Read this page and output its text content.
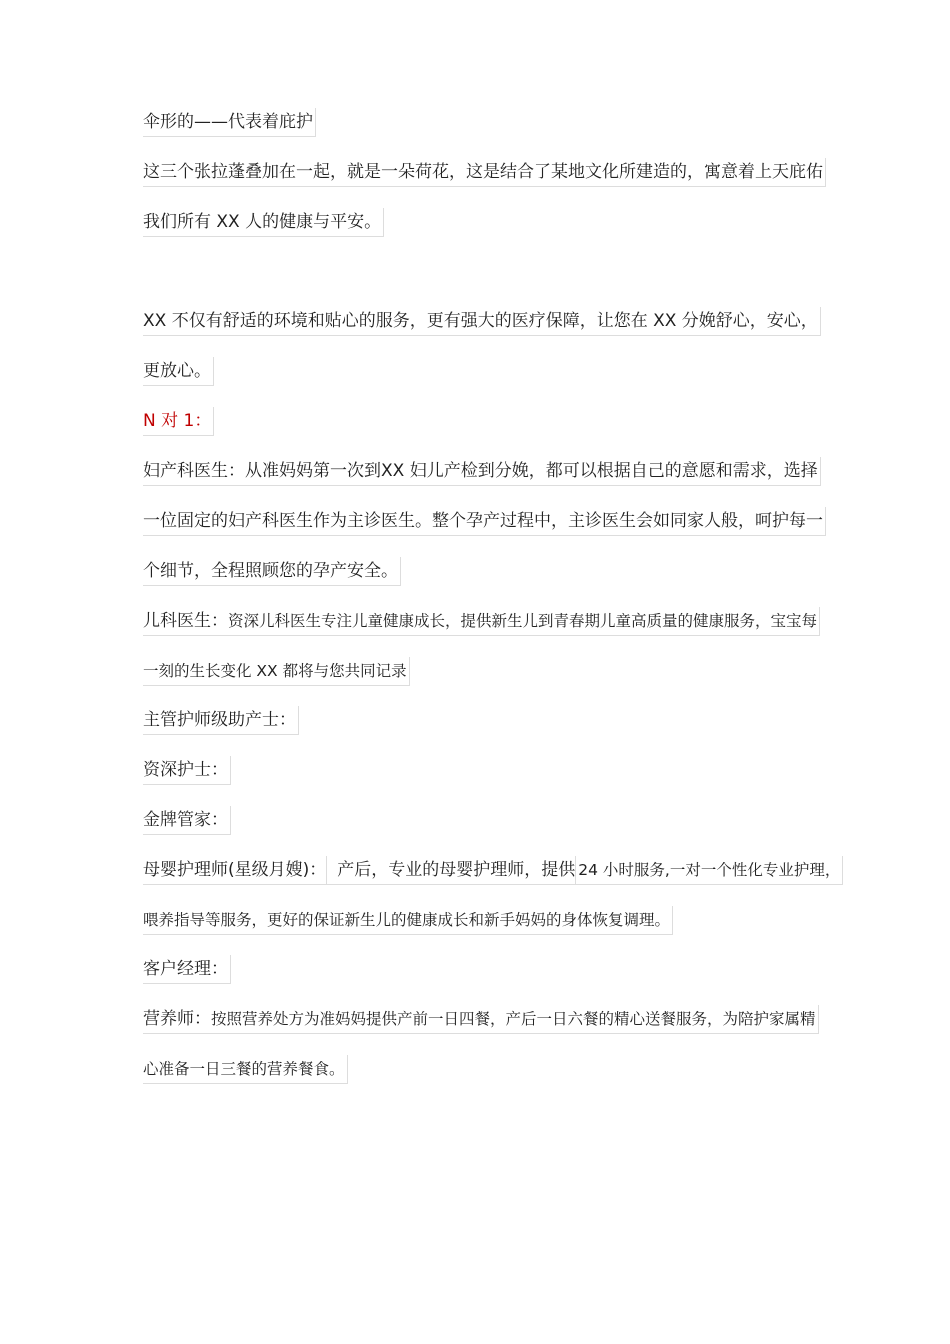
伞形的——代表着庇护
这三个张拉蓬叠加在一起，就是一朵荷花，这是结合了某地文化所建造的，寓意着上天庇佑
我们所有 XX 人的健康与平安。
XX 不仅有舒适的环境和贴心的服务，更有强大的医疗保障，让您在 XX 分娩舒心，安心，
更放心。
N 对 1：
妇产科医生：从准妈妈第一次到XX 妇儿产检到分娩，都可以根据自己的意愿和需求，选择
一位固定的妇产科医生作为主诊医生。整个孕产过程中，主诊医生会如同家人般，呵护每一
个细节，全程照顾您的孕产安全。
儿科医生：资深儿科医生专注儿童健康成长，提供新生儿到青春期儿童高质量的健康服务，宝宝每
一刻的生长变化 XX 都将与您共同记录
主管护师级助产士：
资深护士：
金牌管家：
母婴护理师(星级月嫂)： 产后，专业的母婴护理师，提供 24 小时服务,一对一个性化专业护理，
喂养指导等服务，更好的保证新生儿的健康成长和新手妈妈的身体恢复调理。
客户经理：
营养师：按照营养处方为准妈妈提供产前一日四餐，产后一日六餐的精心送餐服务，为陪护家属精
心准备一日三餐的营养餐食。
